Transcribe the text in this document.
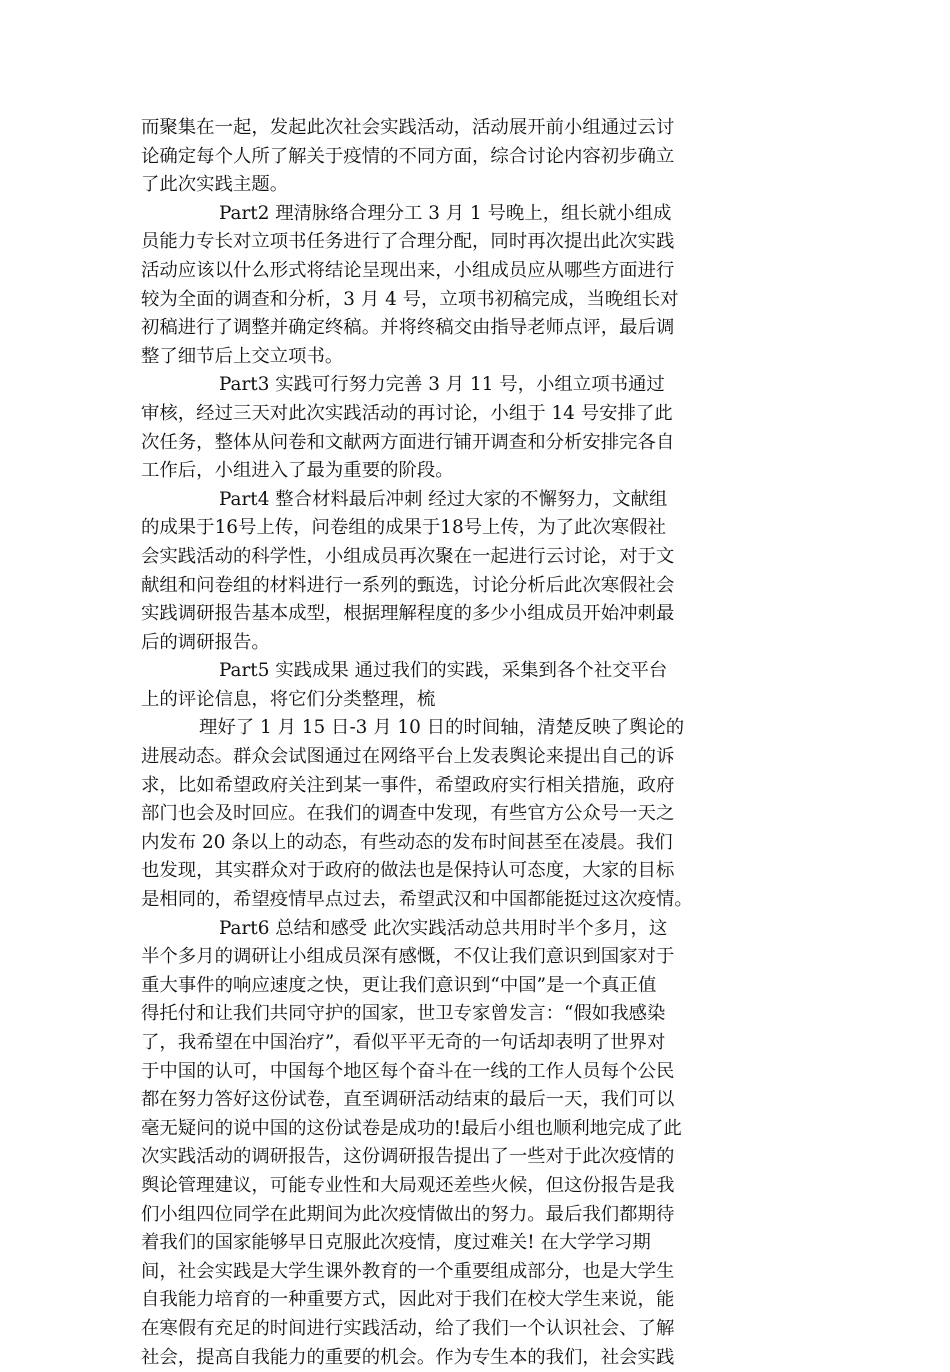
而聚集在一起，发起此次社会实践活动，活动展开前小组通过云讨
论确定每个人所了解关于疫情的不同方面，综合讨论内容初步确立
了此次实践主题。
Part2 理清脉络合理分工 3 月 1 号晚上，组长就小组成
员能力专长对立项书任务进行了合理分配，同时再次提出此次实践
活动应该以什么形式将结论呈现出来，小组成员应从哪些方面进行
较为全面的调查和分析，3 月 4 号，立项书初稿完成，当晚组长对
初稿进行了调整并确定终稿。并将终稿交由指导老师点评，最后调
整了细节后上交立项书。
Part3 实践可行努力完善 3 月 11 号，小组立项书通过
审核，经过三天对此次实践活动的再讨论，小组于 14 号安排了此
次任务，整体从问卷和文献两方面进行铺开调查和分析安排完各自
工作后，小组进入了最为重要的阶段。
Part4 整合材料最后冲刺 经过大家的不懈努力，文献组
的成果于16号上传，问卷组的成果于18号上传，为了此次寒假社
会实践活动的科学性，小组成员再次聚在一起进行云讨论，对于文
献组和问卷组的材料进行一系列的甄选，讨论分析后此次寒假社会
实践调研报告基本成型，根据理解程度的多少小组成员开始冲刺最
后的调研报告。
Part5 实践成果 通过我们的实践，采集到各个社交平台
上的评论信息，将它们分类整理，梳
理好了 1 月 15 日-3 月 10 日的时间轴，清楚反映了舆论的
进展动态。群众会试图通过在网络平台上发表舆论来提出自己的诉
求，比如希望政府关注到某一事件，希望政府实行相关措施，政府
部门也会及时回应。在我们的调查中发现，有些官方公众号一天之
内发布 20 条以上的动态，有些动态的发布时间甚至在凌晨。我们
也发现，其实群众对于政府的做法也是保持认可态度，大家的目标
是相同的，希望疫情早点过去，希望武汉和中国都能挺过这次疫情。
Part6 总结和感受 此次实践活动总共用时半个多月，这
半个多月的调研让小组成员深有感慨，不仅让我们意识到国家对于
重大事件的响应速度之快，更让我们意识到“中国”是一个真正值
得托付和让我们共同守护的国家，世卫专家曾发言：“假如我感染
了，我希望在中国治疗”，看似平平无奇的一句话却表明了世界对
于中国的认可，中国每个地区每个奋斗在一线的工作人员每个公民
都在努力答好这份试卷，直至调研活动结束的最后一天，我们可以
毫无疑问的说中国的这份试卷是成功的!最后小组也顺利地完成了此
次实践活动的调研报告，这份调研报告提出了一些对于此次疫情的
舆论管理建议，可能专业性和大局观还差些火候，但这份报告是我
们小组四位同学在此期间为此次疫情做出的努力。最后我们都期待
着我们的国家能够早日克服此次疫情，度过难关! 在大学学习期
间，社会实践是大学生课外教育的一个重要组成部分，也是大学生
自我能力培育的一种重要方式，因此对于我们在校大学生来说，能
在寒假有充足的时间进行实践活动，给了我们一个认识社会、了解
社会，提高自我能力的重要的机会。作为专生本的我们，社会实践
